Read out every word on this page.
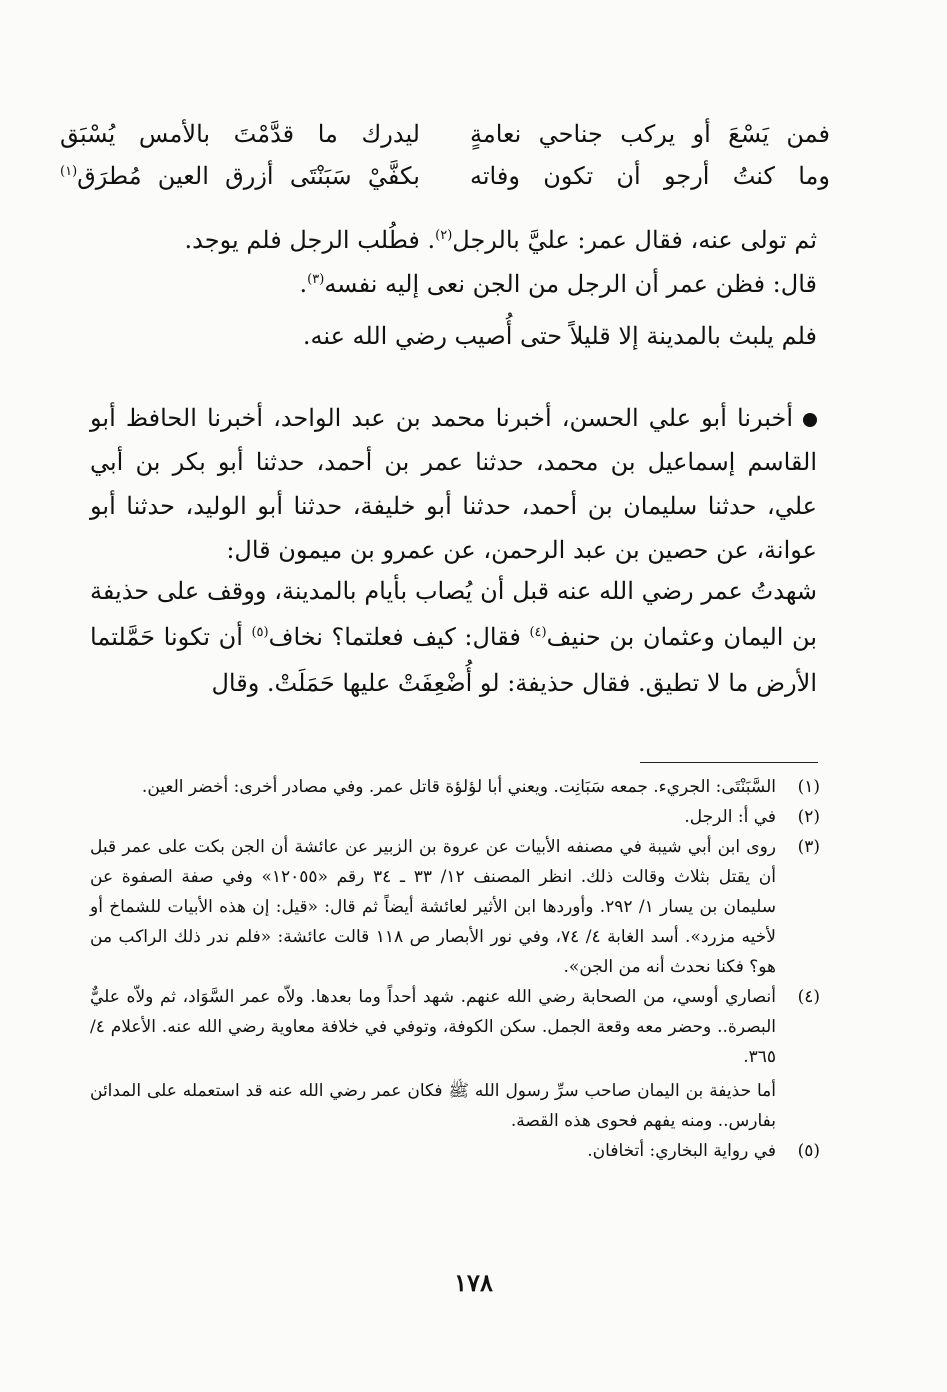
فمن يَسْعَ أو يركب جناحي نعامةٍ
ليدرك ما قدَّمْتَ بالأمس يُسْبَق
وما كنتُ أرجو أن تكون وفاته
بكفَّيْ سَبَنْتَى أزرق العين مُطرَق$^{(١)}$

ثم تولى عنه، فقال عمر: عليَّ بالرجل$^{(٢)}$. فطُلب الرجل فلم يوجد.

قال: فظن عمر أن الرجل من الجن نعى إليه نفسه$^{(٣)}$.

فلم يلبث بالمدينة إلا قليلاً حتى أُصيب رضي الله عنه.

أخبرنا أبو علي الحسن، أخبرنا محمد بن عبد الواحد، أخبرنا الحافظ أبو القاسم إسماعيل بن محمد، حدثنا عمر بن أحمد، حدثنا أبو بكر بن أبي علي، حدثنا سليمان بن أحمد، حدثنا أبو خليفة، حدثنا أبو الوليد، حدثنا أبو عوانة، عن حصين بن عبد الرحمن، عن عمرو بن ميمون قال:

شهدتُ عمر رضي الله عنه قبل أن يُصاب بأيام بالمدينة، ووقف على حذيفة بن اليمان وعثمان بن حنيف$^{(٤)}$ فقال: كيف فعلتما؟ نخاف$^{(٥)}$ أن تكونا حَمَّلتما الأرض ما لا تطيق. فقال حذيفة: لو أُضْعِفَتْ عليها حَمَلَتْ. وقال

(١)
السَّبَنْتَى: الجريء. جمعه سَبَانِت. ويعني أبا لؤلؤة قاتل عمر. وفي مصادر أخرى: أخضر العين.
(٢)
في أ: الرجل.
(٣)
روى ابن أبي شيبة في مصنفه الأبيات عن عروة بن الزبير عن عائشة أن الجن بكت على عمر قبل أن يقتل بثلاث وقالت ذلك. انظر المصنف ١٢/ ٣٣ ـ ٣٤ رقم «١٢٠٥٥» وفي صفة الصفوة عن سليمان بن يسار ١/ ٢٩٢. وأوردها ابن الأثير لعائشة أيضاً ثم قال: «قيل: إن هذه الأبيات للشماخ أو لأخيه مزرد». أسد الغابة ٤/ ٧٤، وفي نور الأبصار ص ١١٨ قالت عائشة: «فلم ندر ذلك الراكب من هو؟ فكنا نحدث أنه من الجن».
(٤)
أنصاري أوسي، من الصحابة رضي الله عنهم. شهد أحداً وما بعدها. ولاّه عمر السَّوَاد، ثم ولاّه عليٌّ البصرة.. وحضر معه وقعة الجمل. سكن الكوفة، وتوفي في خلافة معاوية رضي الله عنه. الأعلام ٤/ ٣٦٥.

أما حذيفة بن اليمان صاحب سرِّ رسول الله ﷺ فكان عمر رضي الله عنه قد استعمله على المدائن بفارس.. ومنه يفهم فحوى هذه القصة.

(٥)
في رواية البخاري: أتخافان.
١٧٨
